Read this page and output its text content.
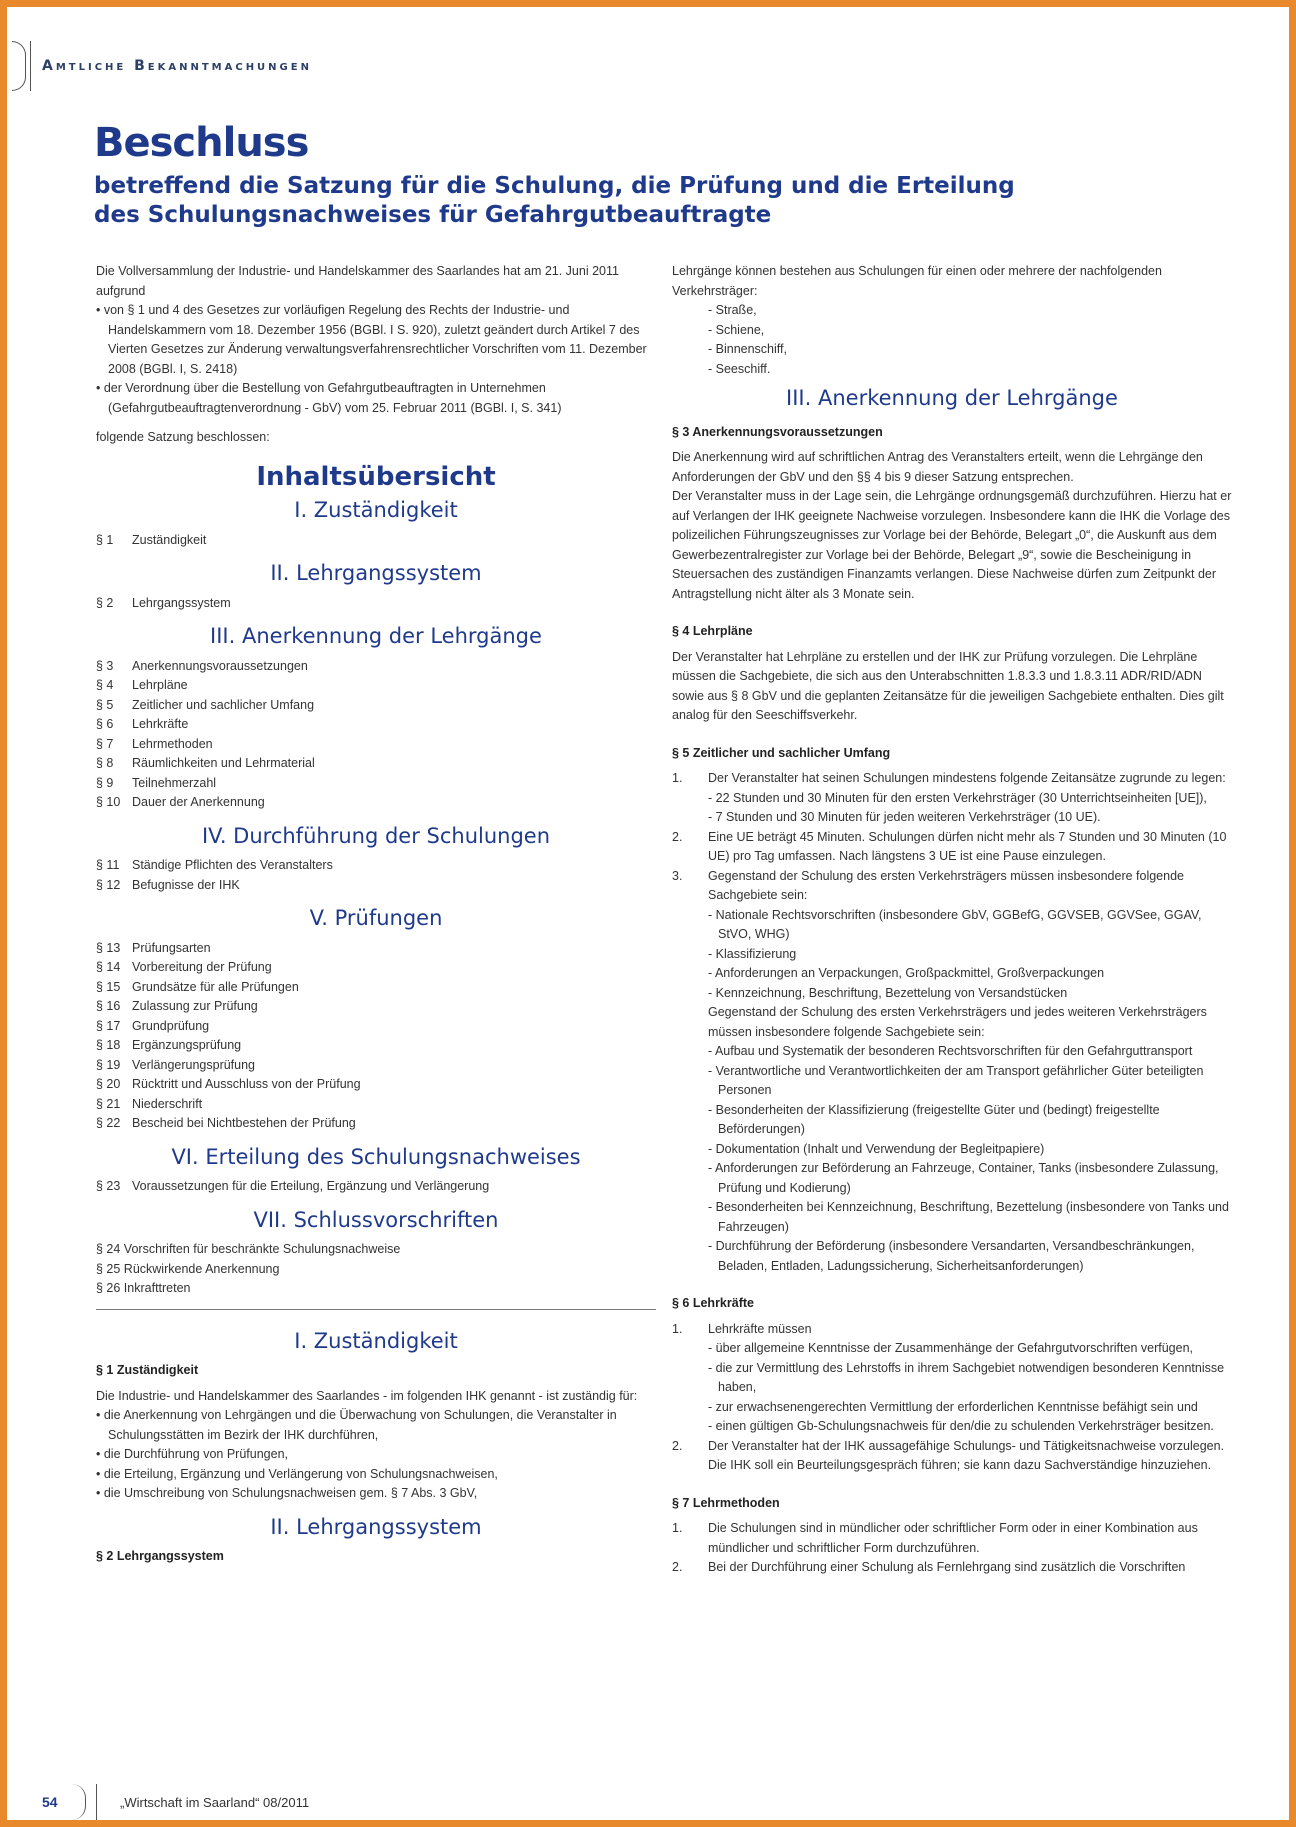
Amtliche Bekanntmachungen
Beschluss
betreffend die Satzung für die Schulung, die Prüfung und die Erteilung
des Schulungsnachweises für Gefahrgutbeauftragte

Die Vollversammlung der Industrie- und Handelskammer des Saarlandes hat am 21. Juni 2011 aufgrund

• von § 1 und 4 des Gesetzes zur vorläufigen Regelung des Rechts der Industrie- und Handelskammern vom 18. Dezember 1956 (BGBl. I S. 920), zuletzt geändert durch Artikel 7 des Vierten Gesetzes zur Änderung verwaltungsverfahrensrechtlicher Vorschriften vom 11. Dezember 2008 (BGBl. I, S. 2418)

• der Verordnung über die Bestellung von Gefahrgutbeauftragten in Unternehmen (Gefahrgutbeauftragtenverordnung - GbV) vom 25. Februar 2011 (BGBl. I, S. 341)

folgende Satzung beschlossen:

Inhaltsübersicht
I. Zuständigkeit
§ 1	Zuständigkeit
II. Lehrgangssystem
§ 2	Lehrgangssystem
III. Anerkennung der Lehrgänge
§ 3	Anerkennungsvoraussetzungen
§ 4	Lehrpläne
§ 5	Zeitlicher und sachlicher Umfang
§ 6	Lehrkräfte
§ 7	Lehrmethoden
§ 8	Räumlichkeiten und Lehrmaterial
§ 9	Teilnehmerzahl
§ 10 Dauer der Anerkennung
IV. Durchführung der Schulungen
§ 11	Ständige Pflichten des Veranstalters
§ 12 Befugnisse der IHK
V. Prüfungen
§ 13 Prüfungsarten
§ 14 Vorbereitung der Prüfung
§ 15 Grundsätze für alle Prüfungen
§ 16 Zulassung zur Prüfung
§ 17 Grundprüfung
§ 18 Ergänzungsprüfung
§ 19 Verlängerungsprüfung
§ 20 Rücktritt und Ausschluss von der Prüfung
§ 21 Niederschrift
§ 22 Bescheid bei Nichtbestehen der Prüfung
VI. Erteilung des Schulungsnachweises
§ 23 Voraussetzungen für die Erteilung, Ergänzung und Verlängerung
VII. Schlussvorschriften

§ 24 Vorschriften für beschränkte Schulungsnachweise

§ 25 Rückwirkende Anerkennung

§ 26 Inkrafttreten

I. Zuständigkeit
§ 1 Zuständigkeit

Die Industrie- und Handelskammer des Saarlandes - im folgenden IHK genannt - ist zuständig für:

• die Anerkennung von Lehrgängen und die Überwachung von Schulungen, die Veranstalter in Schulungsstätten im Bezirk der IHK durchführen,

• die Durchführung von Prüfungen,

• die Erteilung, Ergänzung und Verlängerung von Schulungsnachweisen,

• die Umschreibung von Schulungsnachweisen gem. § 7 Abs. 3 GbV,

II. Lehrgangssystem
§ 2 Lehrgangssystem

Lehrgänge können bestehen aus Schulungen für einen oder mehrere der nachfolgenden Verkehrsträger:

- Straße,

- Schiene,

- Binnenschiff,

- Seeschiff.

III. Anerkennung der Lehrgänge
§ 3 Anerkennungsvoraussetzungen

Die Anerkennung wird auf schriftlichen Antrag des Veranstalters erteilt, wenn die Lehrgänge den Anforderungen der GbV und den §§ 4 bis 9 dieser Satzung entsprechen.

Der Veranstalter muss in der Lage sein, die Lehrgänge ordnungsgemäß durchzuführen. Hierzu hat er auf Verlangen der IHK geeignete Nachweise vorzulegen. Insbesondere kann die IHK die Vorlage des polizeilichen Führungszeugnisses zur Vorlage bei der Behörde, Belegart „0“, die Auskunft aus dem Gewerbezentralregister zur Vorlage bei der Behörde, Belegart „9“, sowie die Bescheinigung in Steuersachen des zuständigen Finanzamts verlangen. Diese Nachweise dürfen zum Zeitpunkt der Antragstellung nicht älter als 3 Monate sein.

§ 4 Lehrpläne

Der Veranstalter hat Lehrpläne zu erstellen und der IHK zur Prüfung vorzulegen. Die Lehrpläne müssen die Sachgebiete, die sich aus den Unterabschnitten 1.8.3.3 und 1.8.3.11 ADR/RID/ADN sowie aus § 8 GbV und die geplanten Zeitansätze für die jeweiligen Sachgebiete enthalten. Dies gilt analog für den Seeschiffsverkehr.

§ 5 Zeitlicher und sachlicher Umfang
1.	Der Veranstalter hat seinen Schulungen mindestens folgende Zeitansätze zugrunde zu legen:

- 22 Stunden und 30 Minuten für den ersten Verkehrsträger (30 Unterrichtseinheiten [UE]),

- 7 Stunden und 30 Minuten für jeden weiteren Verkehrsträger (10 UE).

2.	Eine UE beträgt 45 Minuten. Schulungen dürfen nicht mehr als 7 Stunden und 30 Minuten (10 UE) pro Tag umfassen. Nach längstens 3 UE ist eine Pause einzulegen.

3.	Gegenstand der Schulung des ersten Verkehrsträgers müssen insbesondere folgende Sachgebiete sein:

- Nationale Rechtsvorschriften (insbesondere GbV, GGBefG, GGVSEB, GGVSee, GGAV, StVO, WHG)

- Klassifizierung

- Anforderungen an Verpackungen, Großpackmittel, Großverpackungen

- Kennzeichnung, Beschriftung, Bezettelung von Versandstücken

Gegenstand der Schulung des ersten Verkehrsträgers und jedes weiteren Verkehrsträgers müssen insbesondere folgende Sachgebiete sein:

- Aufbau und Systematik der besonderen Rechtsvorschriften für den Gefahrguttransport

- Verantwortliche und Verantwortlichkeiten der am Transport gefährlicher Güter beteiligten Personen

- Besonderheiten der Klassifizierung (freigestellte Güter und (bedingt) freigestellte Beförderungen)

- Dokumentation (Inhalt und Verwendung der Begleitpapiere)

- Anforderungen zur Beförderung an Fahrzeuge, Container, Tanks (insbesondere Zulassung, Prüfung und Kodierung)

- Besonderheiten bei Kennzeichnung, Beschriftung, Bezettelung (insbesondere von Tanks und Fahrzeugen)

- Durchführung der Beförderung (insbesondere Versandarten, Versandbeschränkungen, Beladen, Entladen, Ladungssicherung, Sicherheitsanforderungen)

§ 6 Lehrkräfte
1.	Lehrkräfte müssen

- über allgemeine Kenntnisse der Zusammenhänge der Gefahrgutvorschriften verfügen,

- die zur Vermittlung des Lehrstoffs in ihrem Sachgebiet notwendigen besonderen Kenntnisse haben,

- zur erwachsenengerechten Vermittlung der erforderlichen Kenntnisse befähigt sein und

- einen gültigen Gb-Schulungsnachweis für den/die zu schulenden Verkehrsträger besitzen.

2.	Der Veranstalter hat der IHK aussagefähige Schulungs- und Tätigkeitsnachweise vorzulegen. Die IHK soll ein Beurteilungsgespräch führen; sie kann dazu Sachverständige hinzuziehen.

§ 7 Lehrmethoden
1.	Die Schulungen sind in mündlicher oder schriftlicher Form oder in einer Kombination aus mündlicher und schriftlicher Form durchzuführen.

2.	Bei der Durchführung einer Schulung als Fernlehrgang sind zusätzlich die Vorschriften

54	„Wirtschaft im Saarland“ 08/2011
